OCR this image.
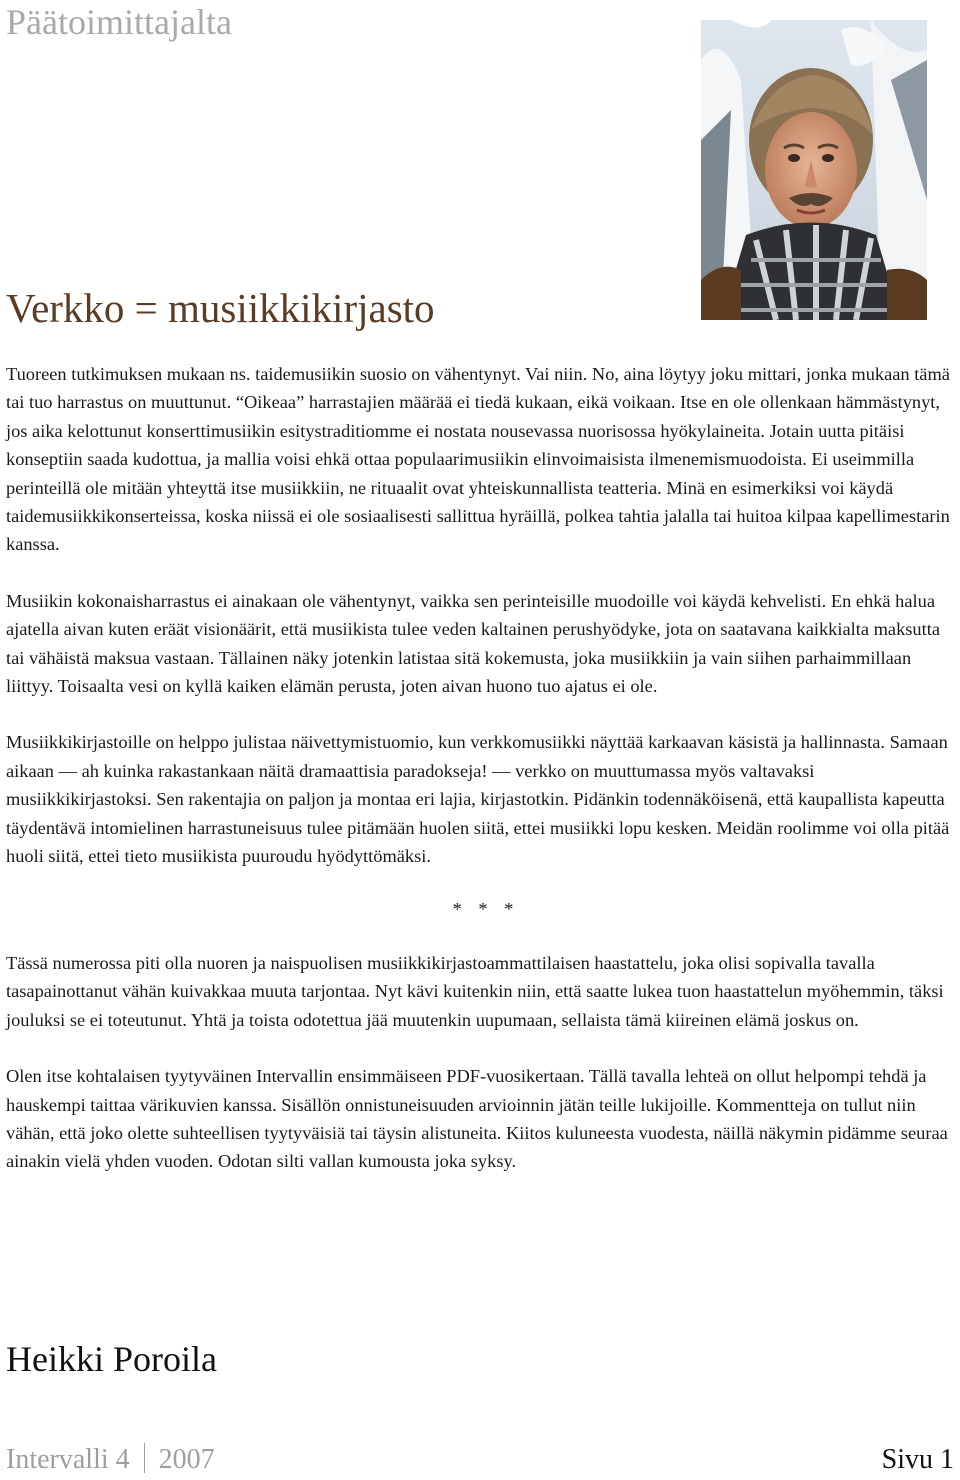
Päätoimittajalta
Verkko = musiikkikirjasto

Tuoreen tutkimuksen mukaan ns. taidemusiikin suosio on vähentynyt. Vai niin. No, aina löytyy joku mittari, jonka mukaan tämä tai tuo harrastus on muuttunut. “Oikeaa” harrastajien määrää ei tiedä kukaan, eikä voikaan. Itse en ole ollenkaan hämmästynyt, jos aika kelottunut konserttimusiikin esitystraditiomme ei nostata nousevassa nuorisossa hyökylaineita. Jotain uutta pitäisi konseptiin saada kudottua, ja mallia voisi ehkä ottaa populaarimusiikin elinvoimaisista ilmenemismuodoista. Ei useimmilla perinteillä ole mitään yhteyttä itse musiikkiin, ne rituaalit ovat yhteiskunnallista teatteria. Minä en esimerkiksi voi käydä taidemusiikkikonserteissa, koska niissä ei ole sosiaalisesti sallittua hyräillä, polkea tahtia jalalla tai huitoa kilpaa kapellimestarin kanssa.

Musiikin kokonaisharrastus ei ainakaan ole vähentynyt, vaikka sen perinteisille muodoille voi käydä kehvelisti. En ehkä halua ajatella aivan kuten eräät visionäärit, että musiikista tulee veden kaltainen perushyödyke, jota on saatavana kaikkialta maksutta tai vähäistä maksua vastaan. Tällainen näky jotenkin latistaa sitä kokemusta, joka musiikkiin ja vain siihen parhaimmillaan liittyy. Toisaalta vesi on kyllä kaiken elämän perusta, joten aivan huono tuo ajatus ei ole.

Musiikkikirjastoille on helppo julistaa näivettymistuomio, kun verkkomusiikki näyttää karkaavan käsistä ja hallinnasta. Samaan aikaan — ah kuinka rakastankaan näitä dramaattisia paradokseja! — verkko on muuttumassa myös valtavaksi musiikkikirjastoksi. Sen rakentajia on paljon ja montaa eri lajia, kirjastotkin. Pidänkin todennäköisenä, että kaupallista kapeutta täydentävä intomielinen harrastuneisuus tulee pitämään huolen siitä, ettei musiikki lopu kesken. Meidän roolimme voi olla pitää huoli siitä, ettei tieto musiikista puuroudu hyödyttömäksi.

* * *

Tässä numerossa piti olla nuoren ja naispuolisen musiikkikirjastoammattilaisen haastattelu, joka olisi sopivalla tavalla tasapainottanut vähän kuivakkaa muuta tarjontaa. Nyt kävi kuitenkin niin, että saatte lukea tuon haastattelun myöhemmin, täksi jouluksi se ei toteutunut. Yhtä ja toista odotettua jää muutenkin uupumaan, sellaista tämä kiireinen elämä joskus on.

Olen itse kohtalaisen tyytyväinen Intervallin ensimmäiseen PDF-vuosikertaan. Tällä tavalla lehteä on ollut helpompi tehdä ja hauskempi taittaa värikuvien kanssa. Sisällön onnistuneisuuden arvioinnin jätän teille lukijoille. Kommentteja on tullut niin vähän, että joko olette suhteellisen tyytyväisiä tai täysin alistuneita. Kiitos kuluneesta vuodesta, näillä näkymin pidämme seuraa ainakin vielä yhden vuoden. Odotan silti vallan kumousta joka syksy.

Heikki Poroila
Intervalli 4 2007	Sivu 1
